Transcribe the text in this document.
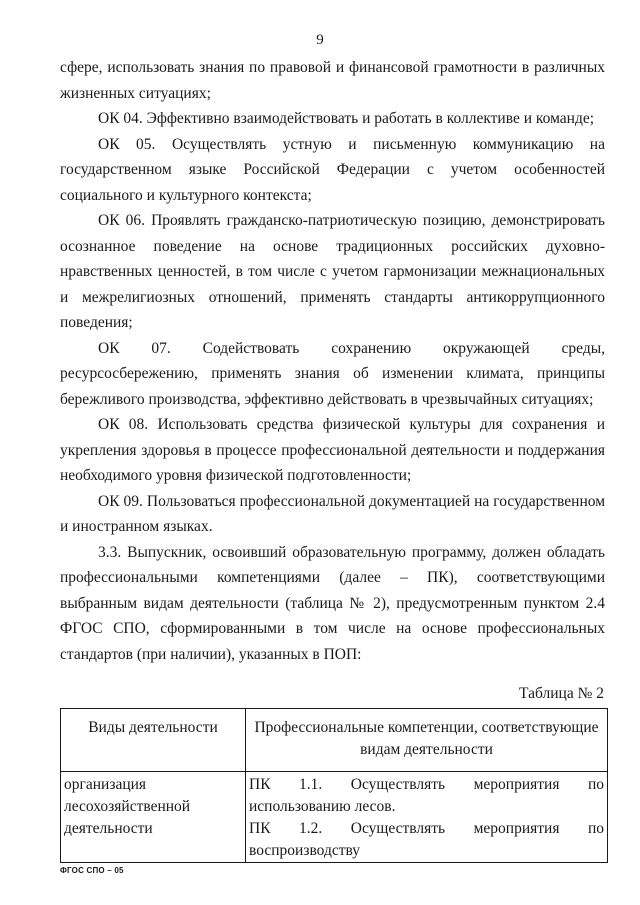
9

сфере, использовать знания по правовой и финансовой грамотности в различных жизненных ситуациях;

ОК 04. Эффективно взаимодействовать и работать в коллективе и команде;

ОК 05. Осуществлять устную и письменную коммуникацию на государственном языке Российской Федерации с учетом особенностей социального и культурного контекста;

ОК 06. Проявлять гражданско-патриотическую позицию, демонстрировать осознанное поведение на основе традиционных российских духовно-нравственных ценностей, в том числе с учетом гармонизации межнациональных и межрелигиозных отношений, применять стандарты антикоррупционного поведения;

ОК 07. Содействовать сохранению окружающей среды, ресурсосбережению, применять знания об изменении климата, принципы бережливого производства, эффективно действовать в чрезвычайных ситуациях;

ОК 08. Использовать средства физической культуры для сохранения и укрепления здоровья в процессе профессиональной деятельности и поддержания необходимого уровня физической подготовленности;

ОК 09. Пользоваться профессиональной документацией на государственном и иностранном языках.

3.3. Выпускник, освоивший образовательную программу, должен обладать профессиональными компетенциями (далее – ПК), соответствующими выбранным видам деятельности (таблица № 2), предусмотренным пунктом 2.4 ФГОС СПО, сформированными в том числе на основе профессиональных стандартов (при наличии), указанных в ПОП:

Таблица № 2
Виды деятельности	Профессиональные компетенции, соответствующие видам деятельности
организация лесохозяйственной деятельности	ПК 1.1. Осуществлять мероприятия по использованию лесов.
ПК 1.2. Осуществлять мероприятия по воспроизводству
ФГОС СПО – 05
